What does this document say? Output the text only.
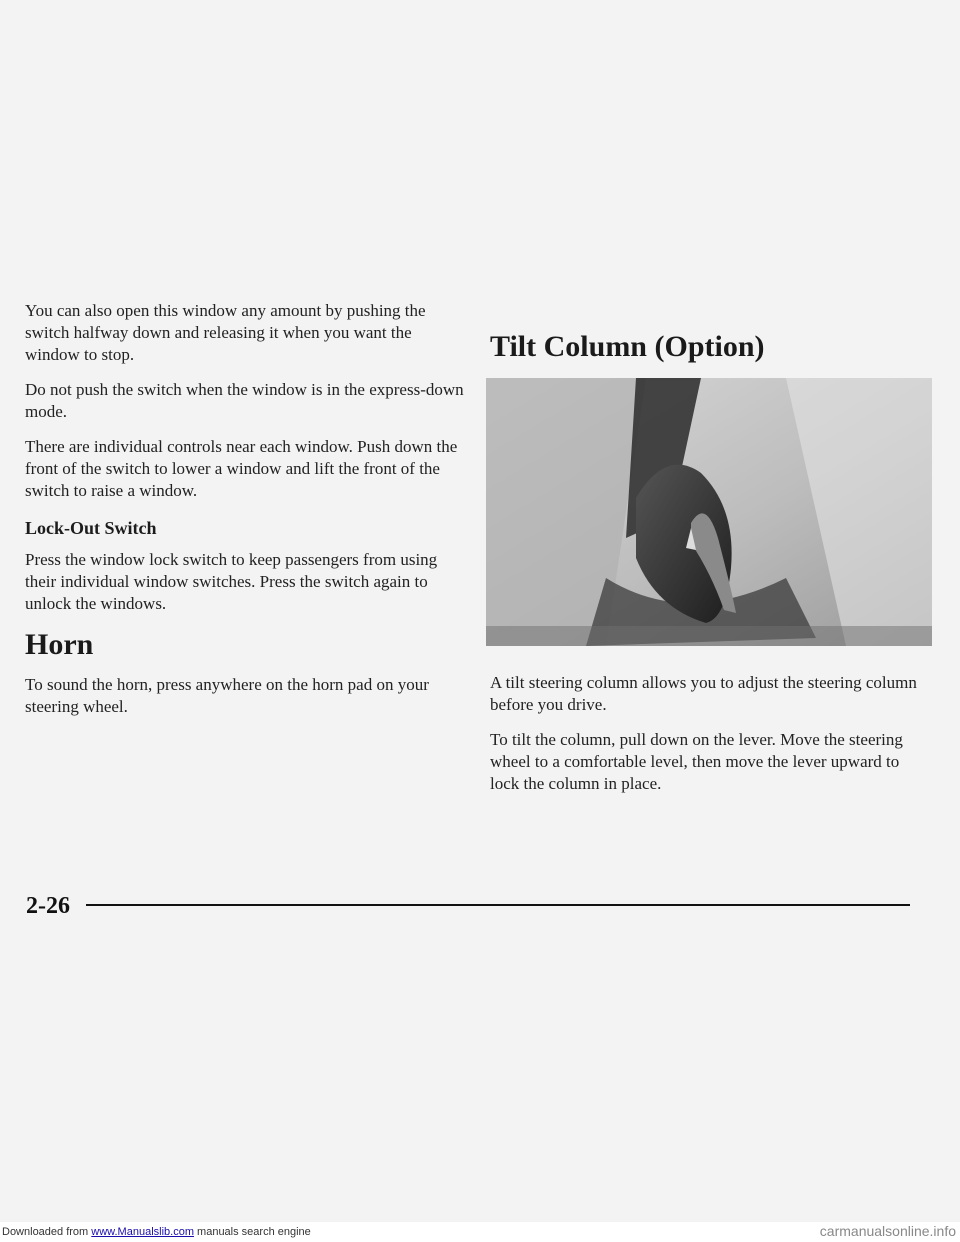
You can also open this window any amount by pushing the switch halfway down and releasing it when you want the window to stop.

Do not push the switch when the window is in the express-down mode.

There are individual controls near each window. Push down the front of the switch to lower a window and lift the front of the switch to raise a window.

Lock-Out Switch

Press the window lock switch to keep passengers from using their individual window switches. Press the switch again to unlock the windows.

Horn

To sound the horn, press anywhere on the horn pad on your steering wheel.

Tilt Column (Option)

A tilt steering column allows you to adjust the steering column before you drive.

To tilt the column, pull down on the lever. Move the steering wheel to a comfortable level, then move the lever upward to lock the column in place.

2-26
Downloaded from www.Manualslib.com manuals search engine	carmanualsonline.info
